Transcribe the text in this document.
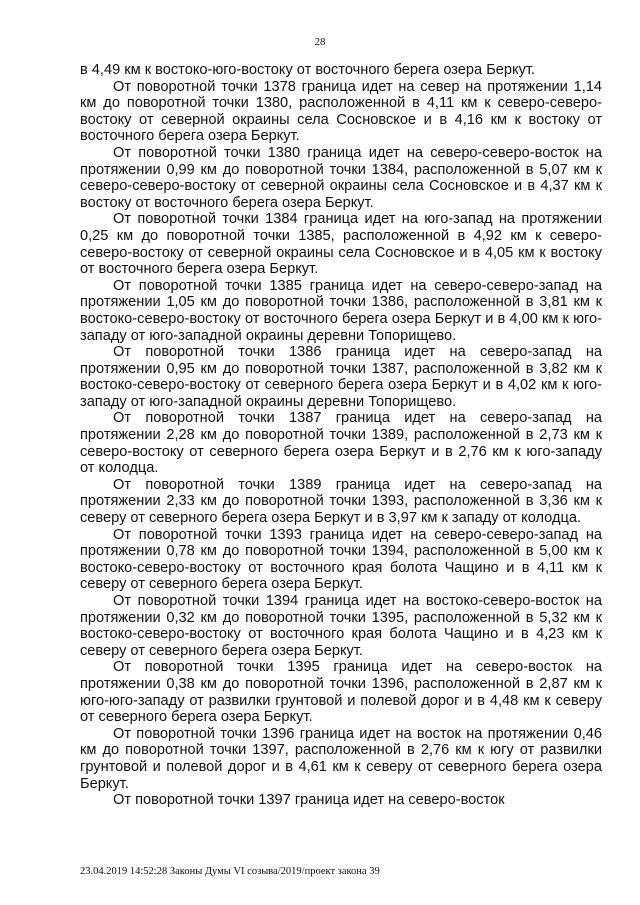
28

в 4,49 км к востоко-юго-востоку от восточного берега озера Беркут.

От поворотной точки 1378 граница идет на север на протяжении 1,14 км до поворотной точки 1380, расположенной в 4,11 км к северо-северо-востоку от северной окраины села Сосновское и в 4,16 км к востоку от восточного берега озера Беркут.

От поворотной точки 1380 граница идет на северо-северо-восток на протяжении 0,99 км до поворотной точки 1384, расположенной в 5,07 км к северо-северо-востоку от северной окраины села Сосновское и в 4,37 км к востоку от восточного берега озера Беркут.

От поворотной точки 1384 граница идет на юго-запад на протяжении 0,25 км до поворотной точки 1385, расположенной в 4,92 км к северо-северо-востоку от северной окраины села Сосновское и в 4,05 км к востоку от восточного берега озера Беркут.

От поворотной точки 1385 граница идет на северо-северо-запад на протяжении 1,05 км до поворотной точки 1386, расположенной в 3,81 км к востоко-северо-востоку от восточного берега озера Беркут и в 4,00 км к юго-западу от юго-западной окраины деревни Топорищево.

От поворотной точки 1386 граница идет на северо-запад на протяжении 0,95 км до поворотной точки 1387, расположенной в 3,82 км к востоко-северо-востоку от северного берега озера Беркут и в 4,02 км к юго-западу от юго-западной окраины деревни Топорищево.

От поворотной точки 1387 граница идет на северо-запад на протяжении 2,28 км до поворотной точки 1389, расположенной в 2,73 км к северо-востоку от северного берега озера Беркут и в 2,76 км к юго-западу от колодца.

От поворотной точки 1389 граница идет на северо-запад на протяжении 2,33 км до поворотной точки 1393, расположенной в 3,36 км к северу от северного берега озера Беркут и в 3,97 км к западу от колодца.

От поворотной точки 1393 граница идет на северо-северо-запад на протяжении 0,78 км до поворотной точки 1394, расположенной в 5,00 км к востоко-северо-востоку от восточного края болота Чащино и в 4,11 км к северу от северного берега озера Беркут.

От поворотной точки 1394 граница идет на востоко-северо-восток на протяжении 0,32 км до поворотной точки 1395, расположенной в 5,32 км к востоко-северо-востоку от восточного края болота Чащино и в 4,23 км к северу от северного берега озера Беркут.

От поворотной точки 1395 граница идет на северо-восток на протяжении 0,38 км до поворотной точки 1396, расположенной в 2,87 км к юго-юго-западу от развилки грунтовой и полевой дорог и в 4,48 км к северу от северного берега озера Беркут.

От поворотной точки 1396 граница идет на восток на протяжении 0,46 км до поворотной точки 1397, расположенной в 2,76 км к югу от развилки грунтовой и полевой дорог и в 4,61 км к северу от северного берега озера Беркут.

От поворотной точки 1397 граница идет на северо-восток

23.04.2019 14:52:28 Законы Думы VI созыва/2019/проект закона 39
